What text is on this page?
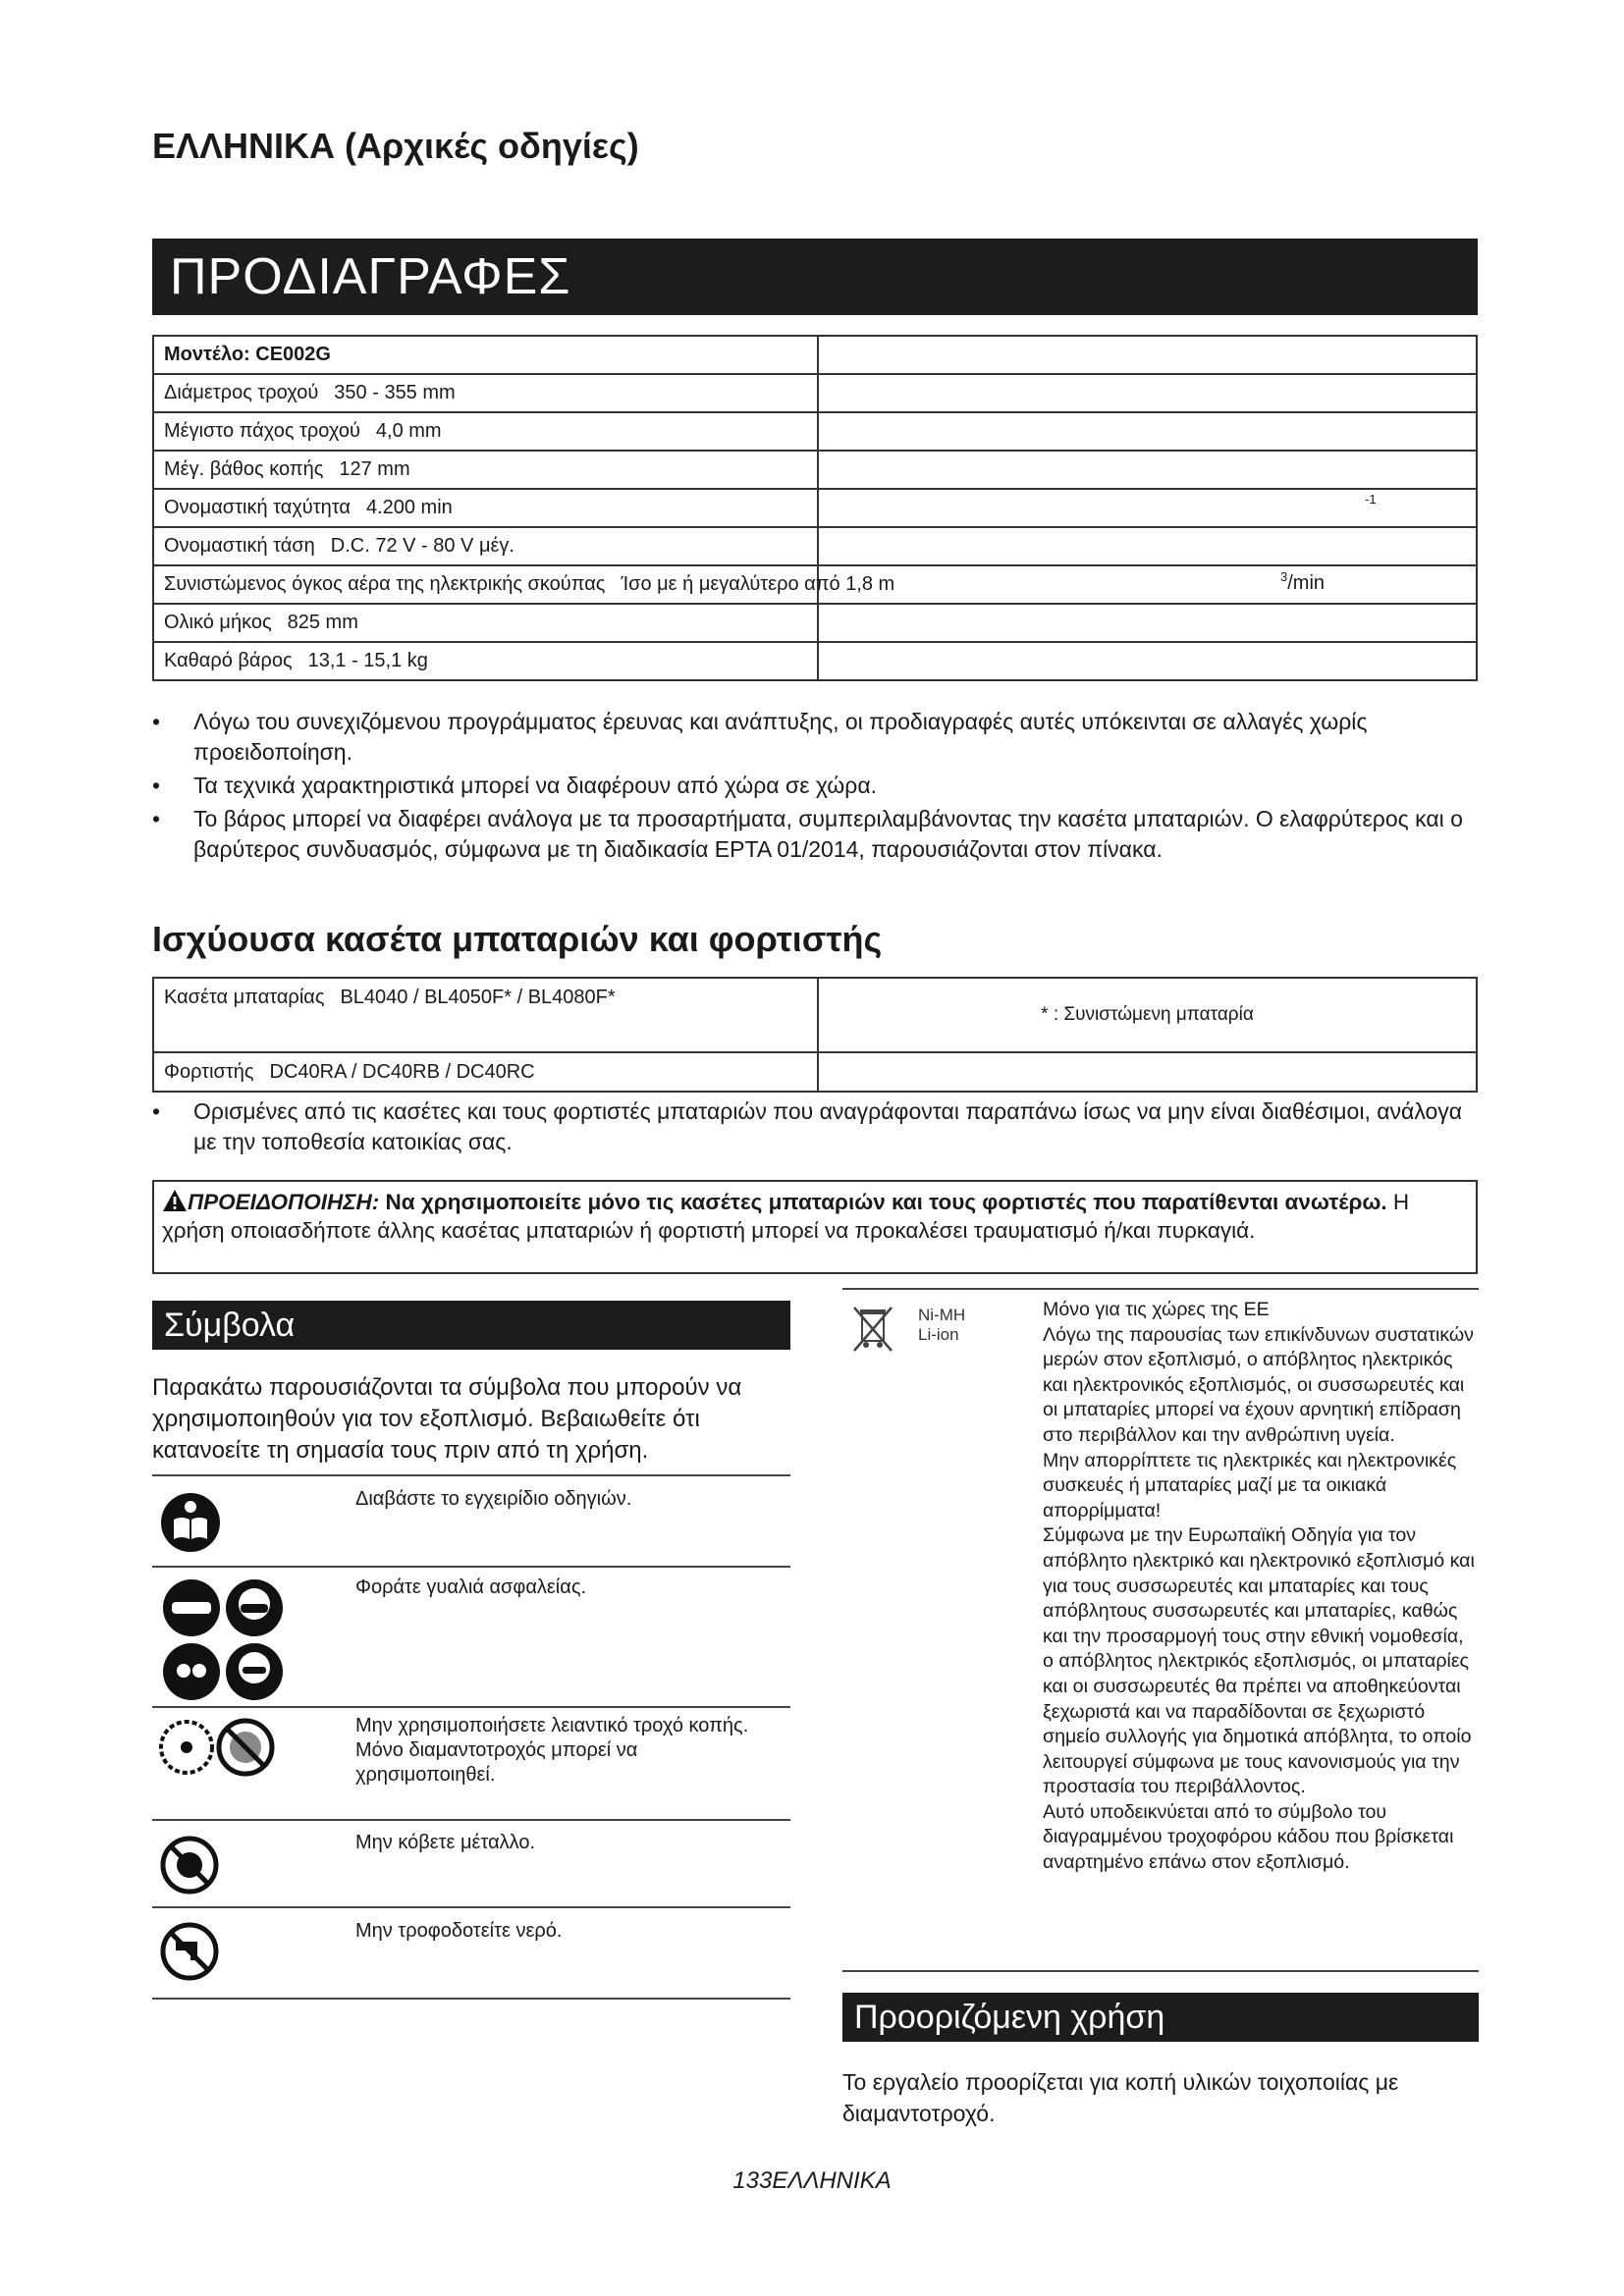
ΕΛΛΗΝΙΚΑ (Αρχικές οδηγίες)
ΠΡΟΔΙΑΓΡΑΦΕΣ
Μοντέλο: CE002G	
Διάμετρος τροχού 350 - 355 mm	
Μέγιστο πάχος τροχού 4,0 mm	
Μέγ. βάθος κοπής 127 mm	
Ονομαστική ταχύτητα 4.200 min	-1

Ονομαστική τάση D.C. 72 V - 80 V μέγ.	

Συνιστώμενος όγκος αέρα της ηλεκτρικής σκούπας Ίσο με ή μεγαλύτερο από 1,8 m	$^3$/min

Ολικό μήκος 825 mm	
Καθαρό βάρος 13,1 - 15,1 kg	
• Λόγω του συνεχιζόμενου προγράμματος έρευνας και ανάπτυξης, οι προδιαγραφές αυτές υπόκεινται σε αλλαγές χωρίς προειδοποίηση.
• Τα τεχνικά χαρακτηριστικά μπορεί να διαφέρουν από χώρα σε χώρα.
• Το βάρος μπορεί να διαφέρει ανάλογα με τα προσαρτήματα, συμπεριλαμβάνοντας την κασέτα μπαταριών. Ο ελαφρύτερος και ο βαρύτερος συνδυασμός, σύμφωνα με τη διαδικασία EPTA 01/2014, παρουσιάζονται στον πίνακα.
Ισχύουσα κασέτα μπαταριών και φορτιστής
Κασέτα μπαταρίας BL4040 / BL4050F* / BL4080F*	* : Συνιστώμενη μπαταρία
Φορτιστής DC40RA / DC40RB / DC40RC	
• Ορισμένες από τις κασέτες και τους φορτιστές μπαταριών που αναγράφονται παραπάνω ίσως να μην είναι διαθέσιμοι, ανάλογα με την τοποθεσία κατοικίας σας.
ΠΡΟΕΙΔΟΠΟΙΗΣΗ: Να χρησιμοποιείτε μόνο τις κασέτες μπαταριών και τους φορτιστές που παρατίθενται ανωτέρω. Η χρήση οποιασδήποτε άλλης κασέτας μπαταριών ή φορτιστή μπορεί να προκαλέσει τραυματισμό ή/και πυρκαγιά.
Σύμβολα
Παρακάτω παρουσιάζονται τα σύμβολα που μπορούν να χρησιμοποιηθούν για τον εξοπλισμό. Βεβαιωθείτε ότι κατανοείτε τη σημασία τους πριν από τη χρήση.
Διαβάστε το εγχειρίδιο οδηγιών.
Φοράτε γυαλιά ασφαλείας.
Μην χρησιμοποιήσετε λειαντικό τροχό κοπής.
Μόνο διαμαντοτροχός μπορεί να χρησιμοποιηθεί.
Μην κόβετε μέταλλο.
Μην τροφοδοτείτε νερό.
Ni-MH
Li-ion
Μόνο για τις χώρες της ΕΕ
Λόγω της παρουσίας των επικίνδυνων συστατικών μερών στον εξοπλισμό, ο απόβλητος ηλεκτρικός και ηλεκτρονικός εξοπλισμός, οι συσσωρευτές και οι μπαταρίες μπορεί να έχουν αρνητική επίδραση στο περιβάλλον και την ανθρώπινη υγεία.
Μην απορρίπτετε τις ηλεκτρικές και ηλεκτρονικές συσκευές ή μπαταρίες μαζί με τα οικιακά απορρίμματα!
Σύμφωνα με την Ευρωπαϊκή Οδηγία για τον απόβλητο ηλεκτρικό και ηλεκτρονικό εξοπλισμό και για τους συσσωρευτές και μπαταρίες και τους απόβλητους συσσωρευτές και μπαταρίες, καθώς και την προσαρμογή τους στην εθνική νομοθεσία, ο απόβλητος ηλεκτρικός εξοπλισμός, οι μπαταρίες και οι συσσωρευτές θα πρέπει να αποθηκεύονται ξεχωριστά και να παραδίδονται σε ξεχωριστό σημείο συλλογής για δημοτικά απόβλητα, το οποίο λειτουργεί σύμφωνα με τους κανονισμούς για την προστασία του περιβάλλοντος.
Αυτό υποδεικνύεται από το σύμβολο του διαγραμμένου τροχοφόρου κάδου που βρίσκεται αναρτημένο επάνω στον εξοπλισμό.
Προοριζόμενη χρήση
Το εργαλείο προορίζεται για κοπή υλικών τοιχοποιίας με διαμαντοτροχό.
133ΕΛΛΗΝΙΚΑ
